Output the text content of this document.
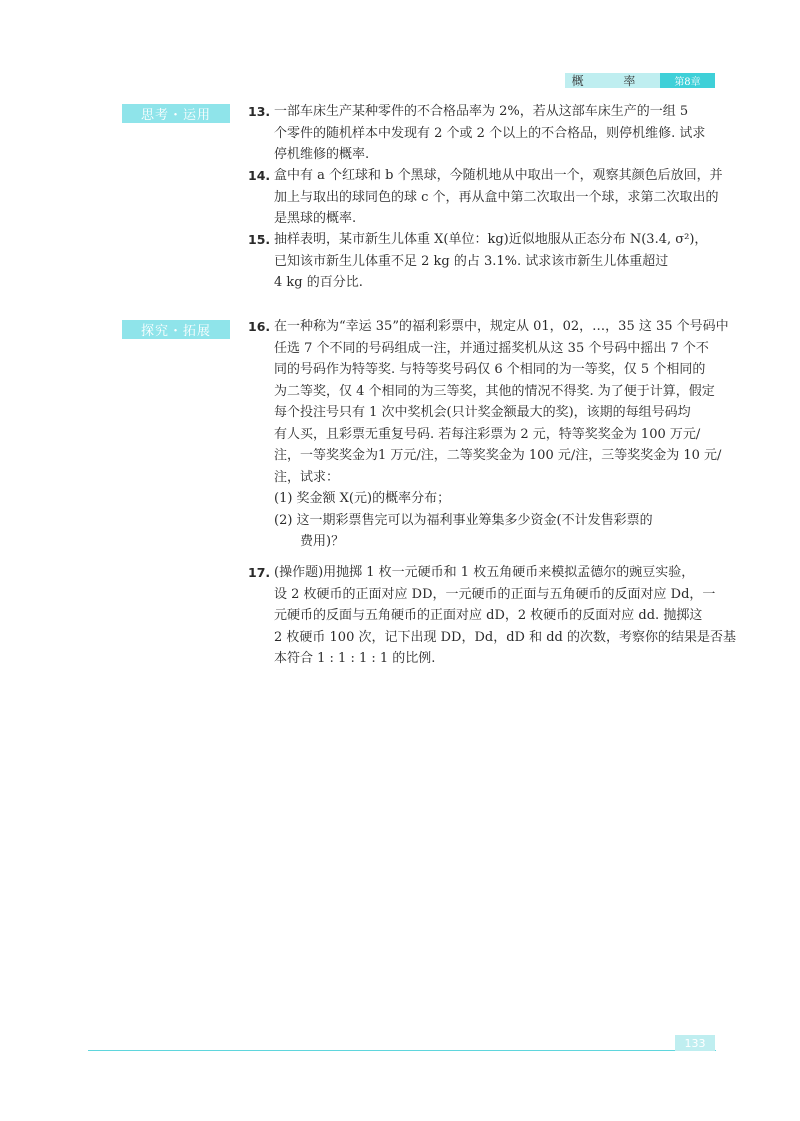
概 率	第8章
思考・运用
探究・拓展
13. 一部车床生产某种零件的不合格品率为 2%，若从这部车床生产的一组 5
个零件的随机样本中发现有 2 个或 2 个以上的不合格品，则停机维修. 试求
停机维修的概率.
14. 盒中有 a 个红球和 b 个黑球，今随机地从中取出一个，观察其颜色后放回，并
加上与取出的球同色的球 c 个，再从盒中第二次取出一个球，求第二次取出的
是黑球的概率.
15. 抽样表明，某市新生儿体重 X(单位：kg)近似地服从正态分布 N(3.4, σ²)，
已知该市新生儿体重不足 2 kg 的占 3.1%. 试求该市新生儿体重超过
4 kg 的百分比.
16. 在一种称为“幸运 35”的福利彩票中，规定从 01，02，…，35 这 35 个号码中
任选 7 个不同的号码组成一注，并通过摇奖机从这 35 个号码中摇出 7 个不
同的号码作为特等奖. 与特等奖号码仅 6 个相同的为一等奖，仅 5 个相同的
为二等奖，仅 4 个相同的为三等奖，其他的情况不得奖. 为了便于计算，假定
每个投注号只有 1 次中奖机会(只计奖金额最大的奖)，该期的每组号码均
有人买，且彩票无重复号码. 若每注彩票为 2 元，特等奖奖金为 100 万元/
注，一等奖奖金为1 万元/注，二等奖奖金为 100 元/注，三等奖奖金为 10 元/
注，试求：
(1) 奖金额 X(元)的概率分布；
(2) 这一期彩票售完可以为福利事业筹集多少资金(不计发售彩票的
费用)？
17. (操作题)用抛掷 1 枚一元硬币和 1 枚五角硬币来模拟孟德尔的豌豆实验，
设 2 枚硬币的正面对应 DD，一元硬币的正面与五角硬币的反面对应 Dd，一
元硬币的反面与五角硬币的正面对应 dD，2 枚硬币的反面对应 dd. 抛掷这
2 枚硬币 100 次，记下出现 DD，Dd，dD 和 dd 的次数，考察你的结果是否基
本符合 1 : 1 : 1 : 1 的比例.
133
